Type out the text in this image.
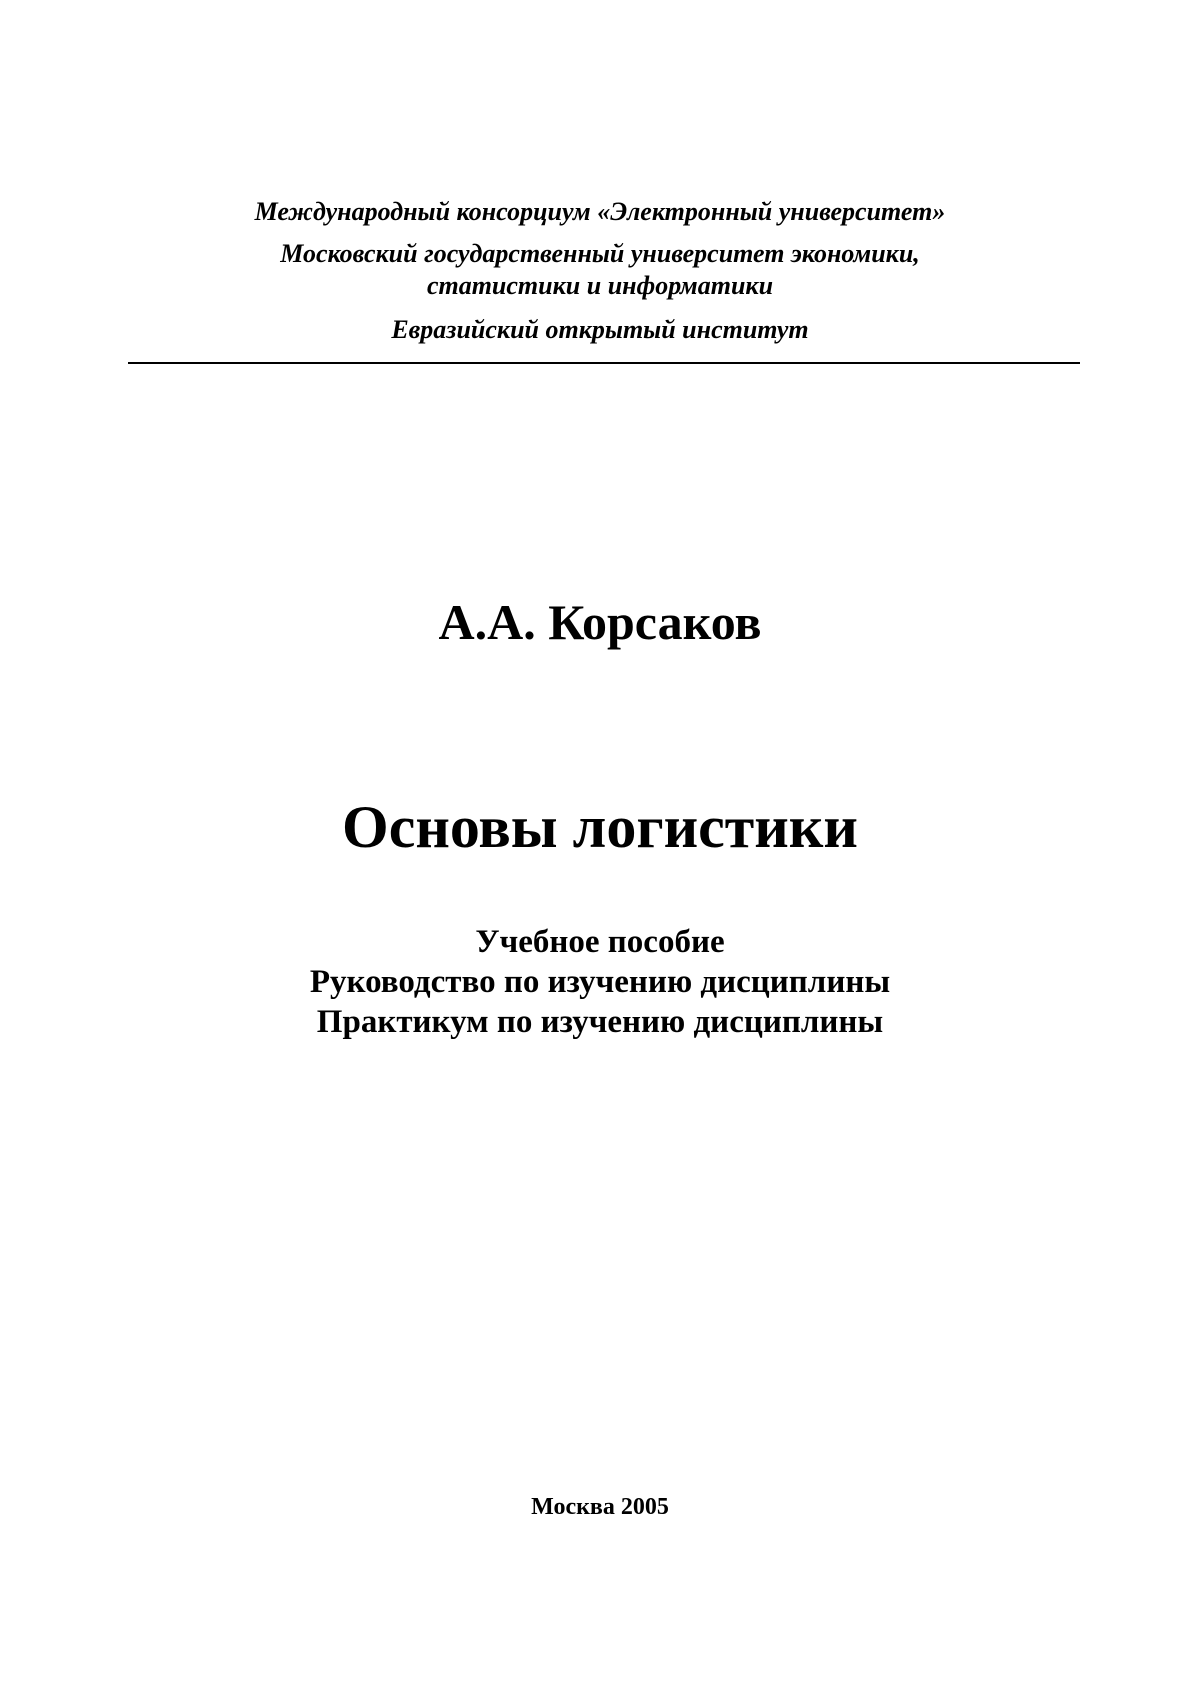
Международный консорциум «Электронный университет»
Московский государственный университет экономики,
статистики и информатики
Евразийский открытый институт
А.А. Корсаков
Основы логистики
Учебное пособие
Руководство по изучению дисциплины
Практикум по изучению дисциплины
Москва 2005
